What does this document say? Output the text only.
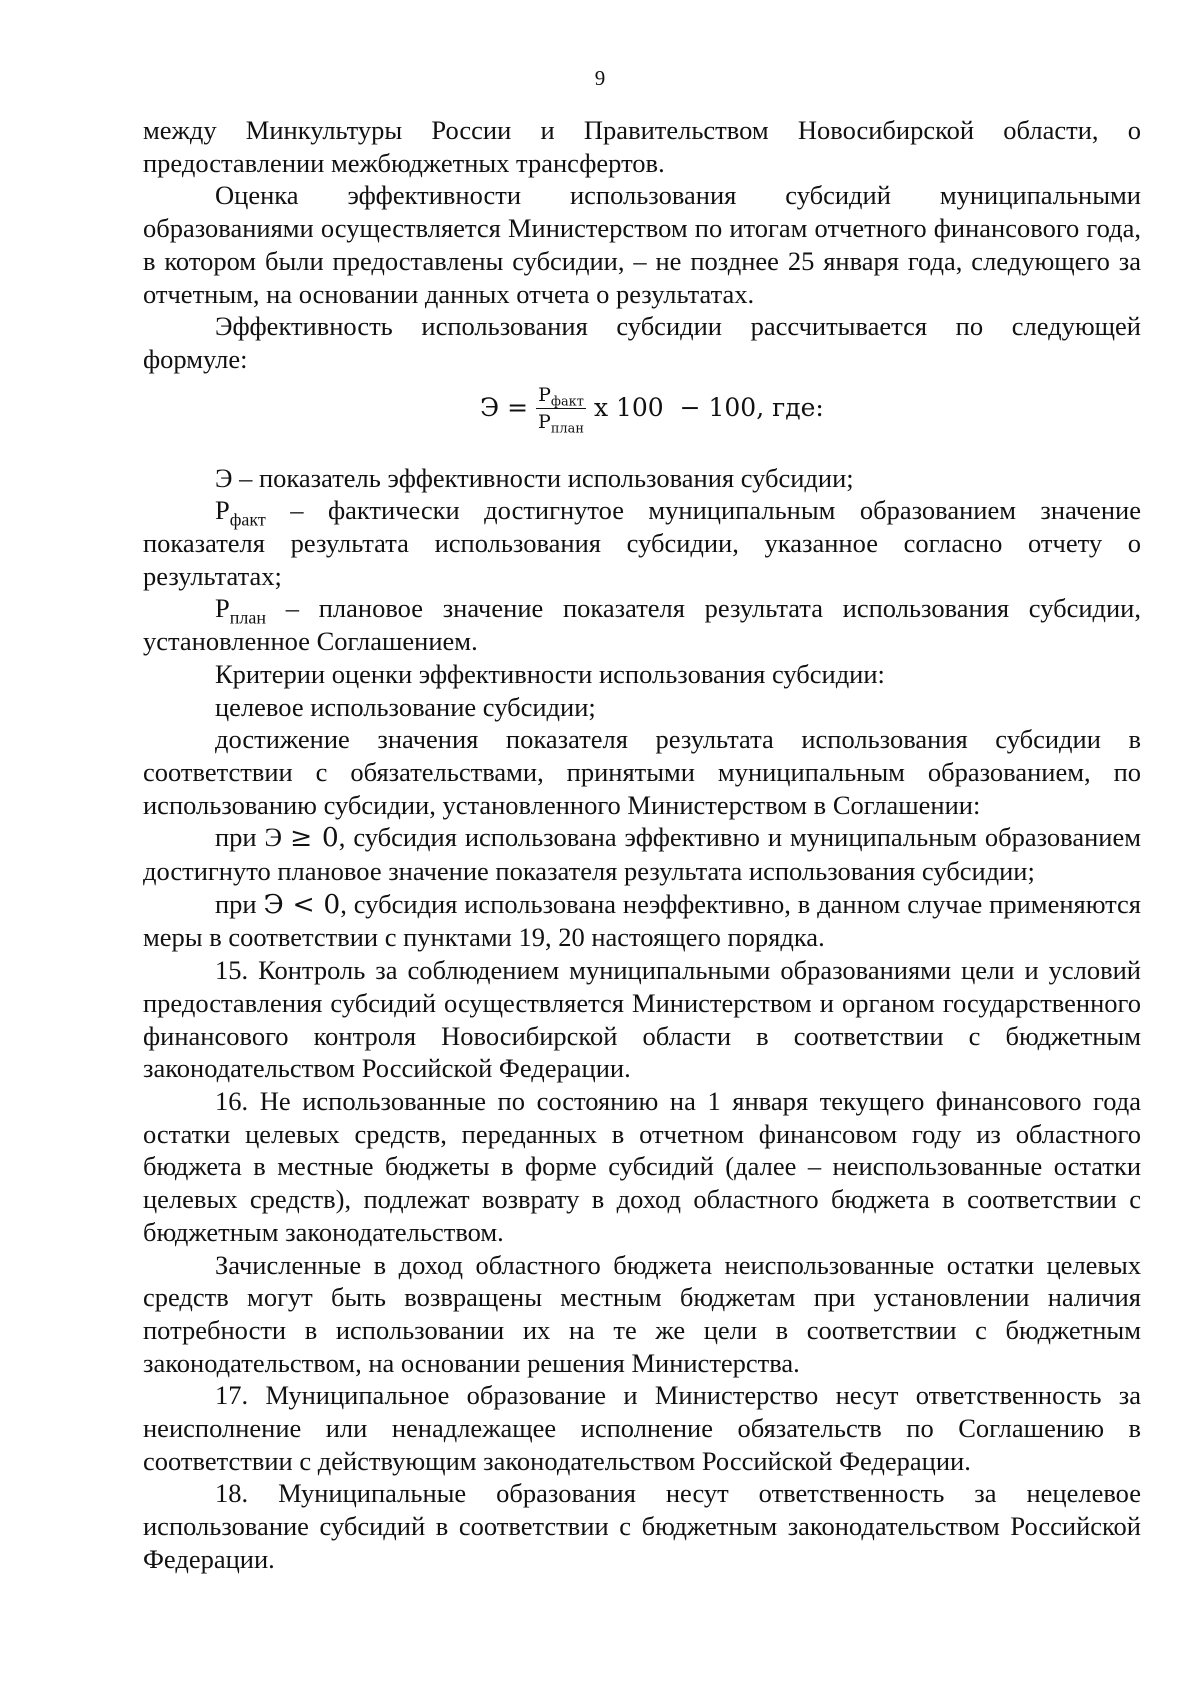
9

между Минкультуры России и Правительством Новосибирской области, о предоставлении межбюджетных трансфертов.

Оценка эффективности использования субсидий муниципальными образованиями осуществляется Министерством по итогам отчетного финансового года, в котором были предоставлены субсидии, – не позднее 25 января года, следующего за отчетным, на основании данных отчета о результатах.

Эффективность использования субсидии рассчитывается по следующей формуле:

$Э = \frac{Р_{факт}}{Р_{план}}$ х 100  − 100, где:

Э – показатель эффективности использования субсидии;

$Р_{факт}$ – фактически достигнутое муниципальным образованием значение показателя результата использования субсидии, указанное согласно отчету о результатах;

$Р_{план}$ – плановое значение показателя результата использования субсидии, установленное Соглашением.

Критерии оценки эффективности использования субсидии:

целевое использование субсидии;

достижение значения показателя результата использования субсидии в соответствии с обязательствами, принятыми муниципальным образованием, по использованию субсидии, установленного Министерством в Соглашении:

при Э ≥ 0, субсидия использована эффективно и муниципальным образованием достигнуто плановое значение показателя результата использования субсидии;

при Э < 0, субсидия использована неэффективно, в данном случае применяются меры в соответствии с пунктами 19, 20 настоящего порядка.

15. Контроль за соблюдением муниципальными образованиями цели и условий предоставления субсидий осуществляется Министерством и органом государственного финансового контроля Новосибирской области в соответствии с бюджетным законодательством Российской Федерации.

16. Не использованные по состоянию на 1 января текущего финансового года остатки целевых средств, переданных в отчетном финансовом году из областного бюджета в местные бюджеты в форме субсидий (далее – неиспользованные остатки целевых средств), подлежат возврату в доход областного бюджета в соответствии с бюджетным законодательством.

Зачисленные в доход областного бюджета неиспользованные остатки целевых средств могут быть возвращены местным бюджетам при установлении наличия потребности в использовании их на те же цели в соответствии с бюджетным законодательством, на основании решения Министерства.

17. Муниципальное образование и Министерство несут ответственность за неисполнение или ненадлежащее исполнение обязательств по Соглашению в соответствии с действующим законодательством Российской Федерации.

18. Муниципальные образования несут ответственность за нецелевое использование субсидий в соответствии с бюджетным законодательством Российской Федерации.
